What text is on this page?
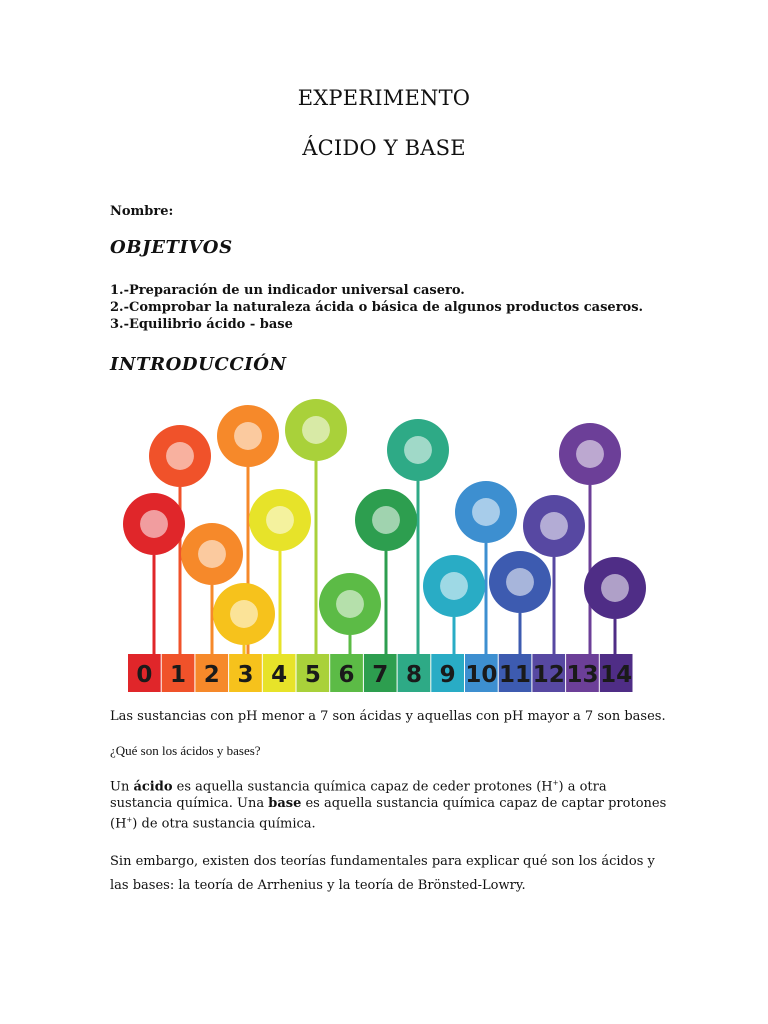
EXPERIMENTO
ÁCIDO Y BASE
Nombre:
OBJETIVOS
1.-Preparación de un indicador universal casero.
2.-Comprobar la naturaleza ácida o básica de algunos productos caseros.
3.-Equilibrio ácido - base
INTRODUCCIÓN
0 1 2 3 4 5 6 7 8 9 10 11 12 13 14
Las sustancias con pH menor a 7 son ácidas y aquellas con pH mayor a 7 son bases.
¿Qué son los ácidos y bases?
Un ácido es aquella sustancia química capaz de ceder protones (H+) a otra sustancia química. Una base es aquella sustancia química capaz de captar protones (H+) de otra sustancia química.
Sin embargo, existen dos teorías fundamentales para explicar qué son los ácidos y las bases: la teoría de Arrhenius y la teoría de Brönsted-Lowry.
